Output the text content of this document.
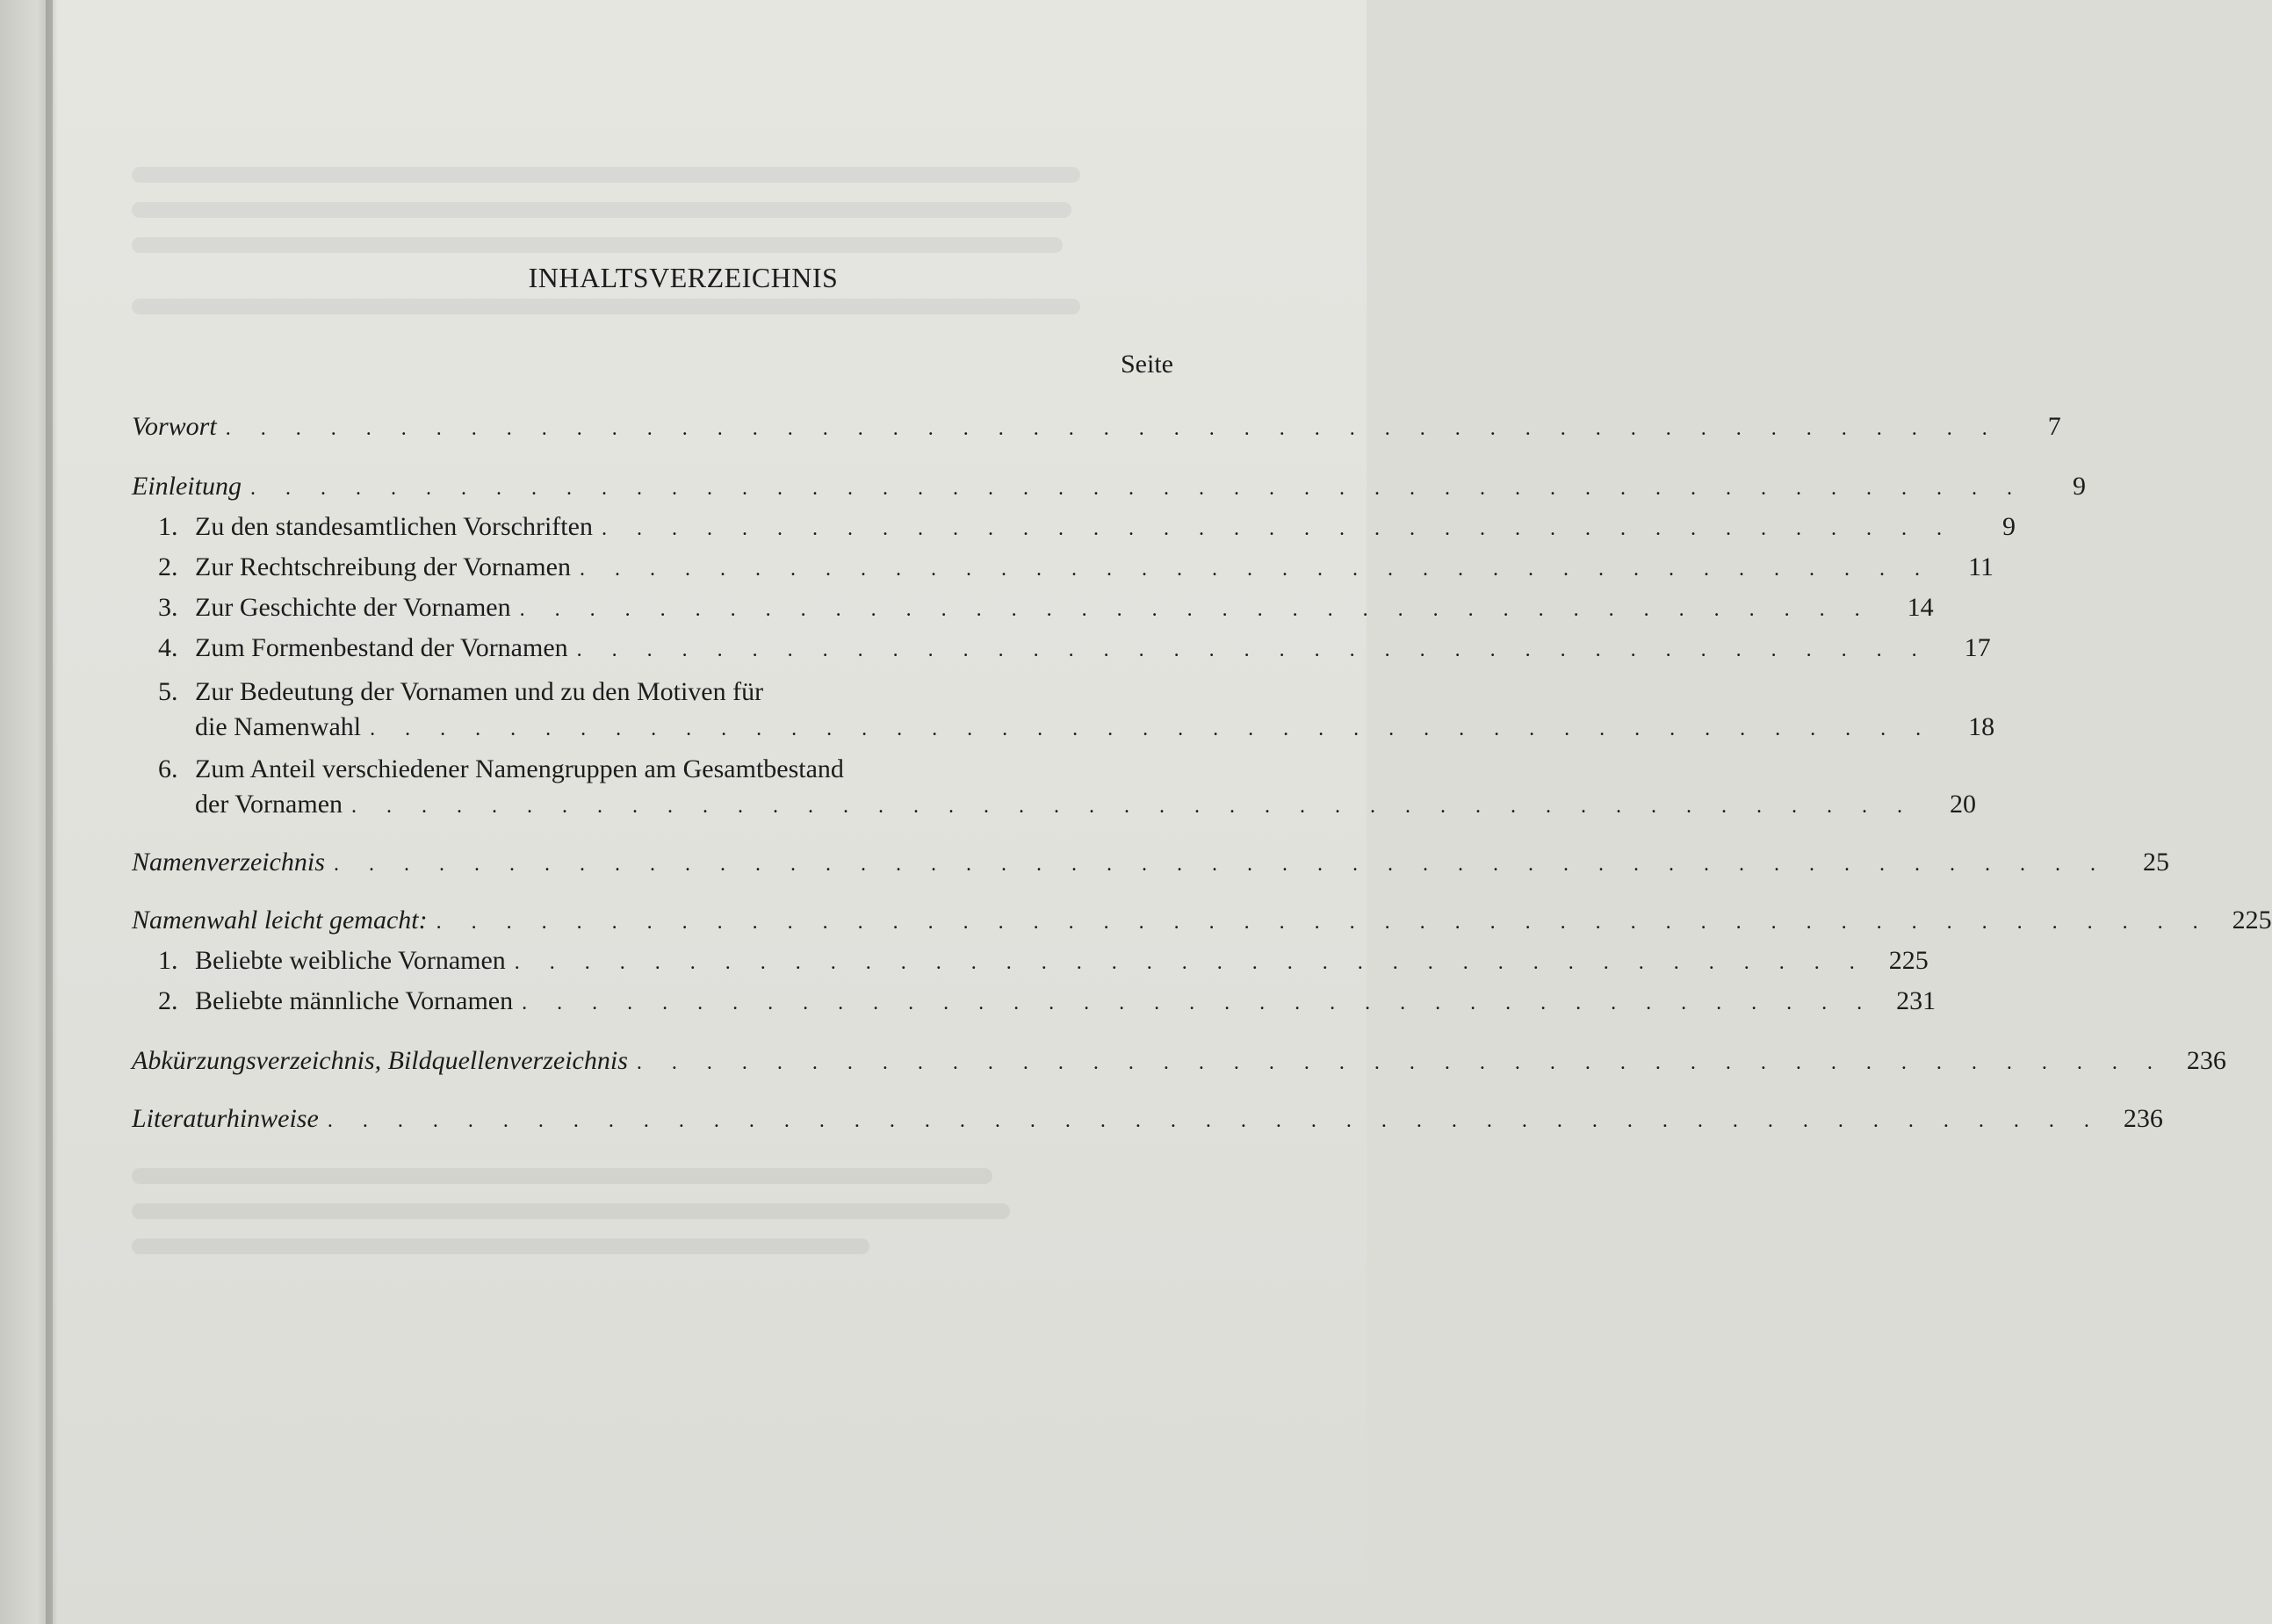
INHALTSVERZEICHNIS
Seite
Vorwort . . . . . . . . . . . . . . . . . . . . . . . . . . . . . . . . . . . . . . . . . . . . . . . . . . .	7
Einleitung . . . . . . . . . . . . . . . . . . . . . . . . . . . . . . . . . . . . . . . . . . . . . . . . . . .	9
1. Zu den standesamtlichen Vorschriften . . . . . . . . . . . . . . . . . . . . . . . . . . . . . . . . . . . . . . .	9
2. Zur Rechtschreibung der Vornamen . . . . . . . . . . . . . . . . . . . . . . . . . . . . . . . . . . . . . . .	11
3. Zur Geschichte der Vornamen . . . . . . . . . . . . . . . . . . . . . . . . . . . . . . . . . . . . . . .	14
4. Zum Formenbestand der Vornamen . . . . . . . . . . . . . . . . . . . . . . . . . . . . . . . . . . . . . . .	17
5. Zur Bedeutung der Vornamen und zu den Motiven für
die Namenwahl . . . . . . . . . . . . . . . . . . . . . . . . . . . . . . . . . . . . . . . . . . . . .	18
6. Zum Anteil verschiedener Namengruppen am Gesamtbestand
der Vornamen . . . . . . . . . . . . . . . . . . . . . . . . . . . . . . . . . . . . . . . . . . . . .	20
Namenverzeichnis . . . . . . . . . . . . . . . . . . . . . . . . . . . . . . . . . . . . . . . . . . . . . . . . . . .	25
Namenwahl leicht gemacht: . . . . . . . . . . . . . . . . . . . . . . . . . . . . . . . . . . . . . . . . . . . . . . . . . . . 225
1. Beliebte weibliche Vornamen . . . . . . . . . . . . . . . . . . . . . . . . . . . . . . . . . . . . . . . 225
2. Beliebte männliche Vornamen . . . . . . . . . . . . . . . . . . . . . . . . . . . . . . . . . . . . . . . 231
Abkürzungsverzeichnis, Bildquellenverzeichnis . . . . . . . . . . . . . . . . . . . . . . . . . . . . . . . . . . . . . . . . . . . . 236
Literaturhinweise . . . . . . . . . . . . . . . . . . . . . . . . . . . . . . . . . . . . . . . . . . . . . . . . . . . 236
